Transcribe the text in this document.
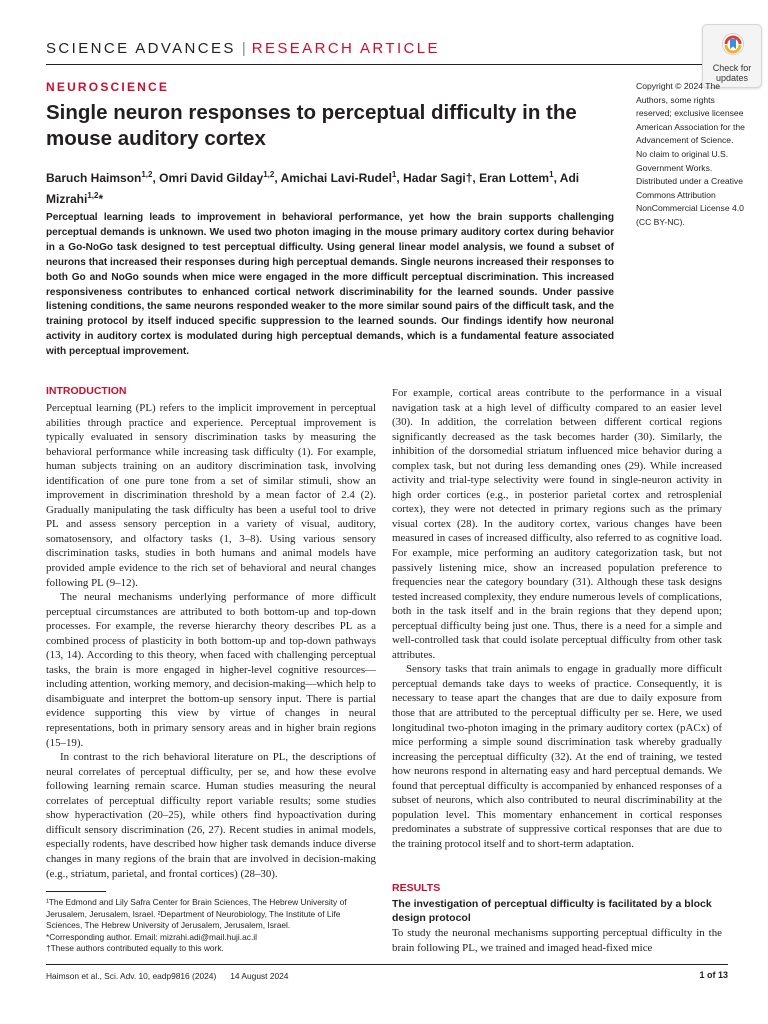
SCIENCE ADVANCES | RESEARCH ARTICLE
Check for updates
NEUROSCIENCE
Single neuron responses to perceptual difficulty in the mouse auditory cortex
Baruch Haimson$^{1,2}$, Omri David Gilday$^{1,2}$, Amichai Lavi-Rudel$^1$, Hadar Sagi†, Eran Lottem$^1$, Adi Mizrahi$^{1,2}$*
Copyright © 2024 The Authors, some rights reserved; exclusive licensee American Association for the Advancement of Science. No claim to original U.S. Government Works. Distributed under a Creative Commons Attribution NonCommercial License 4.0 (CC BY-NC).
Perceptual learning leads to improvement in behavioral performance, yet how the brain supports challenging perceptual demands is unknown. We used two photon imaging in the mouse primary auditory cortex during behavior in a Go-NoGo task designed to test perceptual difficulty. Using general linear model analysis, we found a subset of neurons that increased their responses during high perceptual demands. Single neurons increased their responses to both Go and NoGo sounds when mice were engaged in the more difficult perceptual discrimination. This increased responsiveness contributes to enhanced cortical network discriminability for the learned sounds. Under passive listening conditions, the same neurons responded weaker to the more similar sound pairs of the difficult task, and the training protocol by itself induced specific suppression to the learned sounds. Our findings identify how neuronal activity in auditory cortex is modulated during high perceptual demands, which is a fundamental feature associated with perceptual improvement.
INTRODUCTION

Perceptual learning (PL) refers to the implicit improvement in perceptual abilities through practice and experience. Perceptual improvement is typically evaluated in sensory discrimination tasks by measuring the behavioral performance while increasing task difficulty (1). For example, human subjects training on an auditory discrimination task, involving identification of one pure tone from a set of similar stimuli, show an improvement in discrimination threshold by a mean factor of 2.4 (2). Gradually manipulating the task difficulty has been a useful tool to drive PL and assess sensory perception in a variety of visual, auditory, somatosensory, and olfactory tasks (1, 3–8). Using various sensory discrimination tasks, studies in both humans and animal models have provided ample evidence to the rich set of behavioral and neural changes following PL (9–12).

The neural mechanisms underlying performance of more difficult perceptual circumstances are attributed to both bottom-up and top-down processes. For example, the reverse hierarchy theory describes PL as a combined process of plasticity in both bottom-up and top-down pathways (13, 14). According to this theory, when faced with challenging perceptual tasks, the brain is more engaged in higher-level cognitive resources—including attention, working memory, and decision-making—which help to disambiguate and interpret the bottom-up sensory input. There is partial evidence supporting this view by virtue of changes in neural representations, both in primary sensory areas and in higher brain regions (15–19).

In contrast to the rich behavioral literature on PL, the descriptions of neural correlates of perceptual difficulty, per se, and how these evolve following learning remain scarce. Human studies measuring the neural correlates of perceptual difficulty report variable results; some studies show hyperactivation (20–25), while others find hypoactivation during difficult sensory discrimination (26, 27). Recent studies in animal models, especially rodents, have described how higher task demands induce diverse changes in many regions of the brain that are involved in decision-making (e.g., striatum, parietal, and frontal cortices) (28–30).

For example, cortical areas contribute to the performance in a visual navigation task at a high level of difficulty compared to an easier level (30). In addition, the correlation between different cortical regions significantly decreased as the task becomes harder (30). Similarly, the inhibition of the dorsomedial striatum influenced mice behavior during a complex task, but not during less demanding ones (29). While increased activity and trial-type selectivity were found in single-neuron activity in high order cortices (e.g., in posterior parietal cortex and retrosplenial cortex), they were not detected in primary regions such as the primary visual cortex (28). In the auditory cortex, various changes have been measured in cases of increased difficulty, also referred to as cognitive load. For example, mice performing an auditory categorization task, but not passively listening mice, show an increased population preference to frequencies near the category boundary (31). Although these task designs tested increased complexity, they endure numerous levels of complications, both in the task itself and in the brain regions that they depend upon; perceptual difficulty being just one. Thus, there is a need for a simple and well-controlled task that could isolate perceptual difficulty from other task attributes.

Sensory tasks that train animals to engage in gradually more difficult perceptual demands take days to weeks of practice. Consequently, it is necessary to tease apart the changes that are due to daily exposure from those that are attributed to the perceptual difficulty per se. Here, we used longitudinal two-photon imaging in the primary auditory cortex (pACx) of mice performing a simple sound discrimination task whereby gradually increasing the perceptual difficulty (32). At the end of training, we tested how neurons respond in alternating easy and hard perceptual demands. We found that perceptual difficulty is accompanied by enhanced responses of a subset of neurons, which also contributed to neural discriminability at the population level. This momentary enhancement in cortical responses predominates a substrate of suppressive cortical responses that are due to the training protocol itself and to short-term adaptation.

RESULTS
The investigation of perceptual difficulty is facilitated by a block design protocol

To study the neuronal mechanisms supporting perceptual difficulty in the brain following PL, we trained and imaged head-fixed mice

¹The Edmond and Lily Safra Center for Brain Sciences, The Hebrew University of Jerusalem, Jerusalem, Israel. ²Department of Neurobiology, The Institute of Life Sciences, The Hebrew University of Jerusalem, Jerusalem, Israel.

*Corresponding author. Email: mizrahi.adi@mail.huji.ac.il

†These authors contributed equally to this work.

Haimson et al., Sci. Adv. 10, eadp9816 (2024) 14 August 2024	1 of 13
